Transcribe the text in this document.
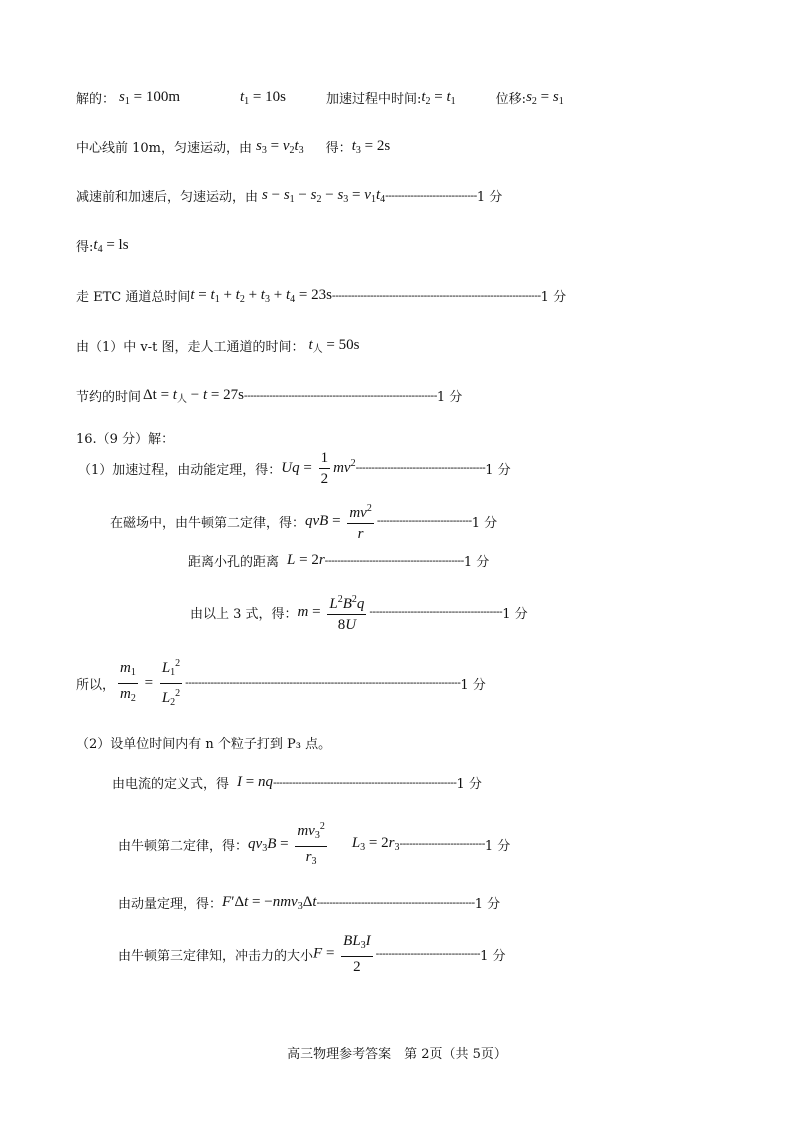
解的： $s_1 = 100m$	$t_1 = 10s$	加速过程中时间: $t_2 = t_1$	位移: $s_2 = s_1$
中心线前 10m，匀速运动，由 $s_3 = v_2t_3$ 得： $t_3 = 2s$
减速前和加速后，匀速运动，由 $s - s_1 - s_2 - s_3 = v_1t_4$ ----------------------------- 1 分
得: $t_4$ = ls
走 ETC 通道总时间 $t = t_1 + t_2 + t_3 + t_4 = 23s$ ------------------------------------------------------------------ 1 分
由（1）中 v-t 图，走人工通道的时间： $t_人 = 50s$
节约的时间 $\Delta t = t_人 - t = 27s$ ------------------------------------------------------------- 1 分
16.（9 分）解：
（1）加速过程，由动能定理，得： $Uq = \frac{1}{2} mv^2$ ----------------------------------------- 1 分
在磁场中，由牛顿第二定律，得： qvB = $\frac{mv^2}{r}$ ------------------------------ 1 分
距离小孔的距离 L = 2r -------------------------------------------- 1 分
由以上 3 式，得： $m = \frac{L^2B^2q}{8U}$ ------------------------------------------ 1 分
所以， $\frac{m_1}{m_2} = \frac{L_1^2}{L_2^2}$ --------------------------------------------------------------------------------------- 1 分
（2）设单位时间内有 n 个粒子打到 P₃ 点。
由电流的定义式，得 I = nq ---------------------------------------------------------- 1 分
由牛顿第二定律，得： $qv_3B = \frac{mv_3^2}{r_3} L_3 = 2r_3$ --------------------------- 1 分
由动量定理，得： F′Δt = −nmv$_3$Δt -------------------------------------------------- 1 分
由牛顿第三定律知，冲击力的大小 $F = \frac{BL_3I}{2}$ --------------------------------- 1 分
高三物理参考答案　第 2页（共 5页）
